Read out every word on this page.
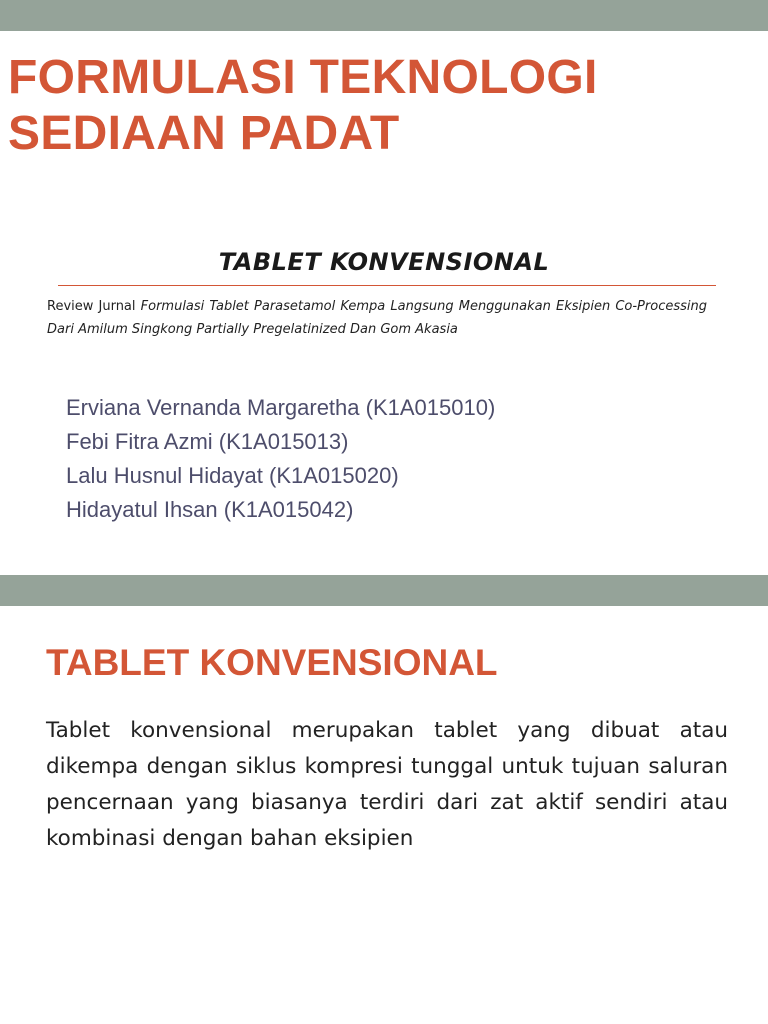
FORMULASI TEKNOLOGI
SEDIAAN PADAT
TABLET KONVENSIONAL

Review Jurnal Formulasi Tablet Parasetamol Kempa Langsung Menggunakan Eksipien Co-Processing Dari Amilum Singkong Partially Pregelatinized Dan Gom Akasia

Erviana Vernanda Margaretha (K1A015010)
Febi Fitra Azmi (K1A015013)
Lalu Husnul Hidayat (K1A015020)
Hidayatul Ihsan (K1A015042)
TABLET KONVENSIONAL

Tablet konvensional merupakan tablet yang dibuat atau dikempa dengan siklus kompresi tunggal untuk tujuan saluran pencernaan yang biasanya terdiri dari zat aktif sendiri atau kombinasi dengan bahan eksipien
